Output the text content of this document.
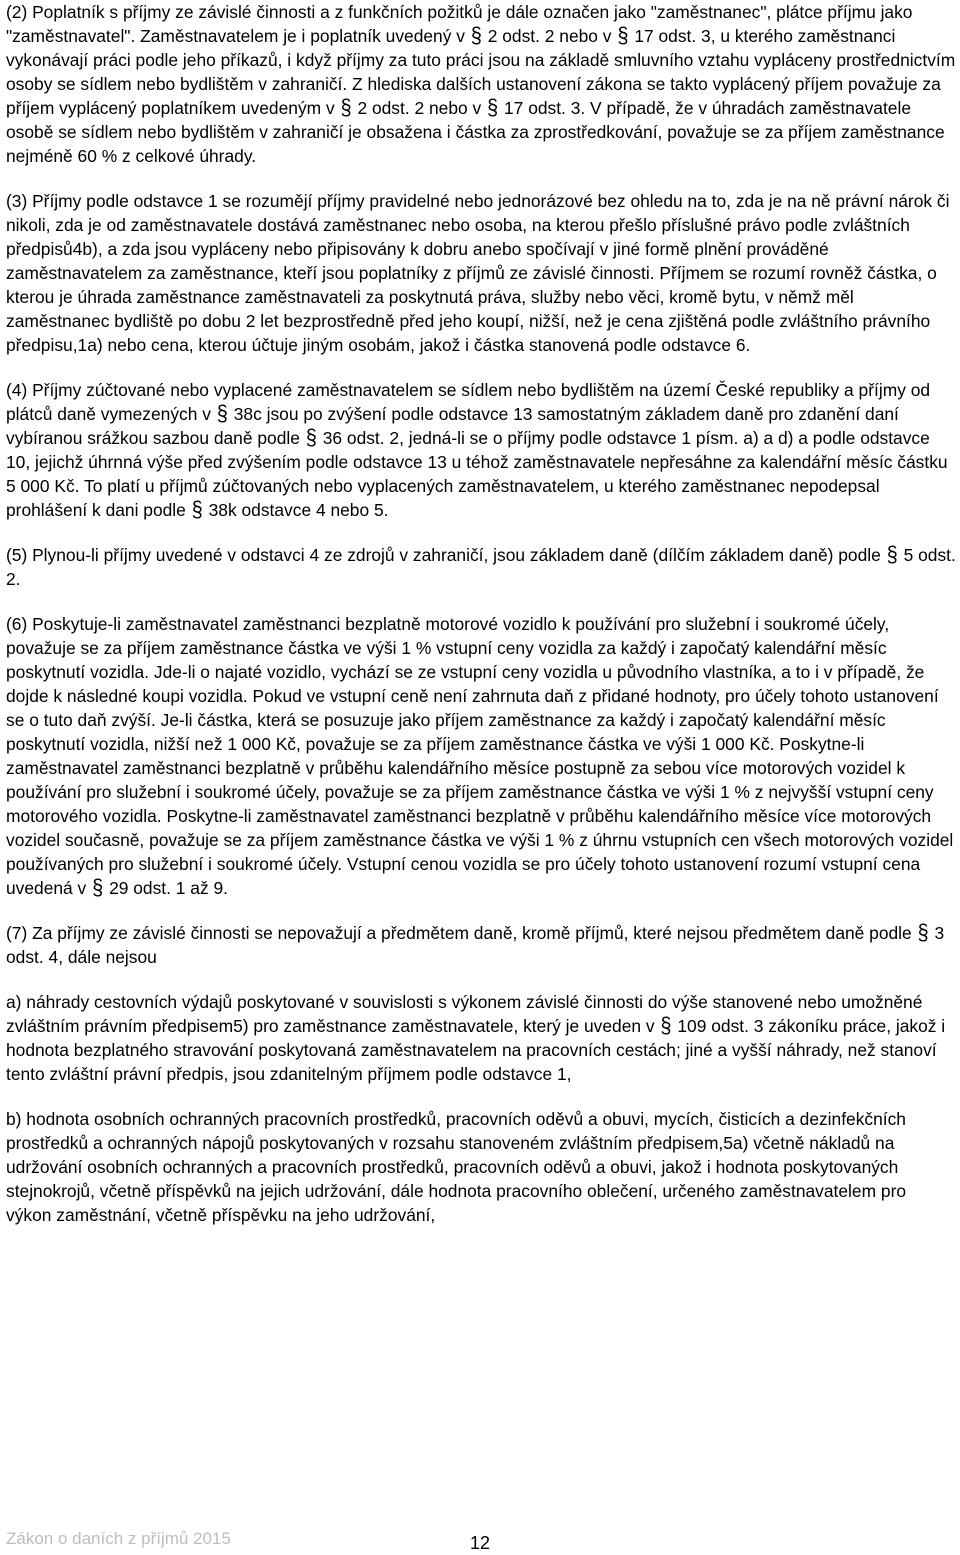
(2) Poplatník s příjmy ze závislé činnosti a z funkčních požitků je dále označen jako "zaměstnanec", plátce příjmu jako "zaměstnavatel". Zaměstnavatelem je i poplatník uvedený v § 2 odst. 2 nebo v § 17 odst. 3, u kterého zaměstnanci vykonávají práci podle jeho příkazů, i když příjmy za tuto práci jsou na základě smluvního vztahu vypláceny prostřednictvím osoby se sídlem nebo bydlištěm v zahraničí. Z hlediska dalších ustanovení zákona se takto vyplácený příjem považuje za příjem vyplácený poplatníkem uvedeným v § 2 odst. 2 nebo v § 17 odst. 3. V případě, že v úhradách zaměstnavatele osobě se sídlem nebo bydlištěm v zahraničí je obsažena i částka za zprostředkování, považuje se za příjem zaměstnance nejméně 60 % z celkové úhrady.

(3) Příjmy podle odstavce 1 se rozumějí příjmy pravidelné nebo jednorázové bez ohledu na to, zda je na ně právní nárok či nikoli, zda je od zaměstnavatele dostává zaměstnanec nebo osoba, na kterou přešlo příslušné právo podle zvláštních předpisů4b), a zda jsou vypláceny nebo připisovány k dobru anebo spočívají v jiné formě plnění prováděné zaměstnavatelem za zaměstnance, kteří jsou poplatníky z příjmů ze závislé činnosti. Příjmem se rozumí rovněž částka, o kterou je úhrada zaměstnance zaměstnavateli za poskytnutá práva, služby nebo věci, kromě bytu, v němž měl zaměstnanec bydliště po dobu 2 let bezprostředně před jeho koupí, nižší, než je cena zjištěná podle zvláštního právního předpisu,1a) nebo cena, kterou účtuje jiným osobám, jakož i částka stanovená podle odstavce 6.

(4) Příjmy zúčtované nebo vyplacené zaměstnavatelem se sídlem nebo bydlištěm na území České republiky a příjmy od plátců daně vymezených v § 38c jsou po zvýšení podle odstavce 13 samostatným základem daně pro zdanění daní vybíranou srážkou sazbou daně podle § 36 odst. 2, jedná-li se o příjmy podle odstavce 1 písm. a) a d) a podle odstavce 10, jejichž úhrnná výše před zvýšením podle odstavce 13 u téhož zaměstnavatele nepřesáhne za kalendářní měsíc částku 5 000 Kč. To platí u příjmů zúčtovaných nebo vyplacených zaměstnavatelem, u kterého zaměstnanec nepodepsal prohlášení k dani podle § 38k odstavce 4 nebo 5.

(5) Plynou-li příjmy uvedené v odstavci 4 ze zdrojů v zahraničí, jsou základem daně (dílčím základem daně) podle § 5 odst. 2.

(6) Poskytuje-li zaměstnavatel zaměstnanci bezplatně motorové vozidlo k používání pro služební i soukromé účely, považuje se za příjem zaměstnance částka ve výši 1 % vstupní ceny vozidla za každý i započatý kalendářní měsíc poskytnutí vozidla. Jde-li o najaté vozidlo, vychází se ze vstupní ceny vozidla u původního vlastníka, a to i v případě, že dojde k následné koupi vozidla. Pokud ve vstupní ceně není zahrnuta daň z přidané hodnoty, pro účely tohoto ustanovení se o tuto daň zvýší. Je-li částka, která se posuzuje jako příjem zaměstnance za každý i započatý kalendářní měsíc poskytnutí vozidla, nižší než 1 000 Kč, považuje se za příjem zaměstnance částka ve výši 1 000 Kč. Poskytne-li zaměstnavatel zaměstnanci bezplatně v průběhu kalendářního měsíce postupně za sebou více motorových vozidel k používání pro služební i soukromé účely, považuje se za příjem zaměstnance částka ve výši 1 % z nejvyšší vstupní ceny motorového vozidla. Poskytne-li zaměstnavatel zaměstnanci bezplatně v průběhu kalendářního měsíce více motorových vozidel současně, považuje se za příjem zaměstnance částka ve výši 1 % z úhrnu vstupních cen všech motorových vozidel používaných pro služební i soukromé účely. Vstupní cenou vozidla se pro účely tohoto ustanovení rozumí vstupní cena uvedená v § 29 odst. 1 až 9.

(7) Za příjmy ze závislé činnosti se nepovažují a předmětem daně, kromě příjmů, které nejsou předmětem daně podle § 3 odst. 4, dále nejsou

a) náhrady cestovních výdajů poskytované v souvislosti s výkonem závislé činnosti do výše stanovené nebo umožněné zvláštním právním předpisem5) pro zaměstnance zaměstnavatele, který je uveden v § 109 odst. 3 zákoníku práce, jakož i hodnota bezplatného stravování poskytovaná zaměstnavatelem na pracovních cestách; jiné a vyšší náhrady, než stanoví tento zvláštní právní předpis, jsou zdanitelným příjmem podle odstavce 1,

b) hodnota osobních ochranných pracovních prostředků, pracovních oděvů a obuvi, mycích, čisticích a dezinfekčních prostředků a ochranných nápojů poskytovaných v rozsahu stanoveném zvláštním předpisem,5a) včetně nákladů na udržování osobních ochranných a pracovních prostředků, pracovních oděvů a obuvi, jakož i hodnota poskytovaných stejnokrojů, včetně příspěvků na jejich udržování, dále hodnota pracovního oblečení, určeného zaměstnavatelem pro výkon zaměstnání, včetně příspěvku na jeho udržování,

Zákon o daních z příjmů 2015	12
